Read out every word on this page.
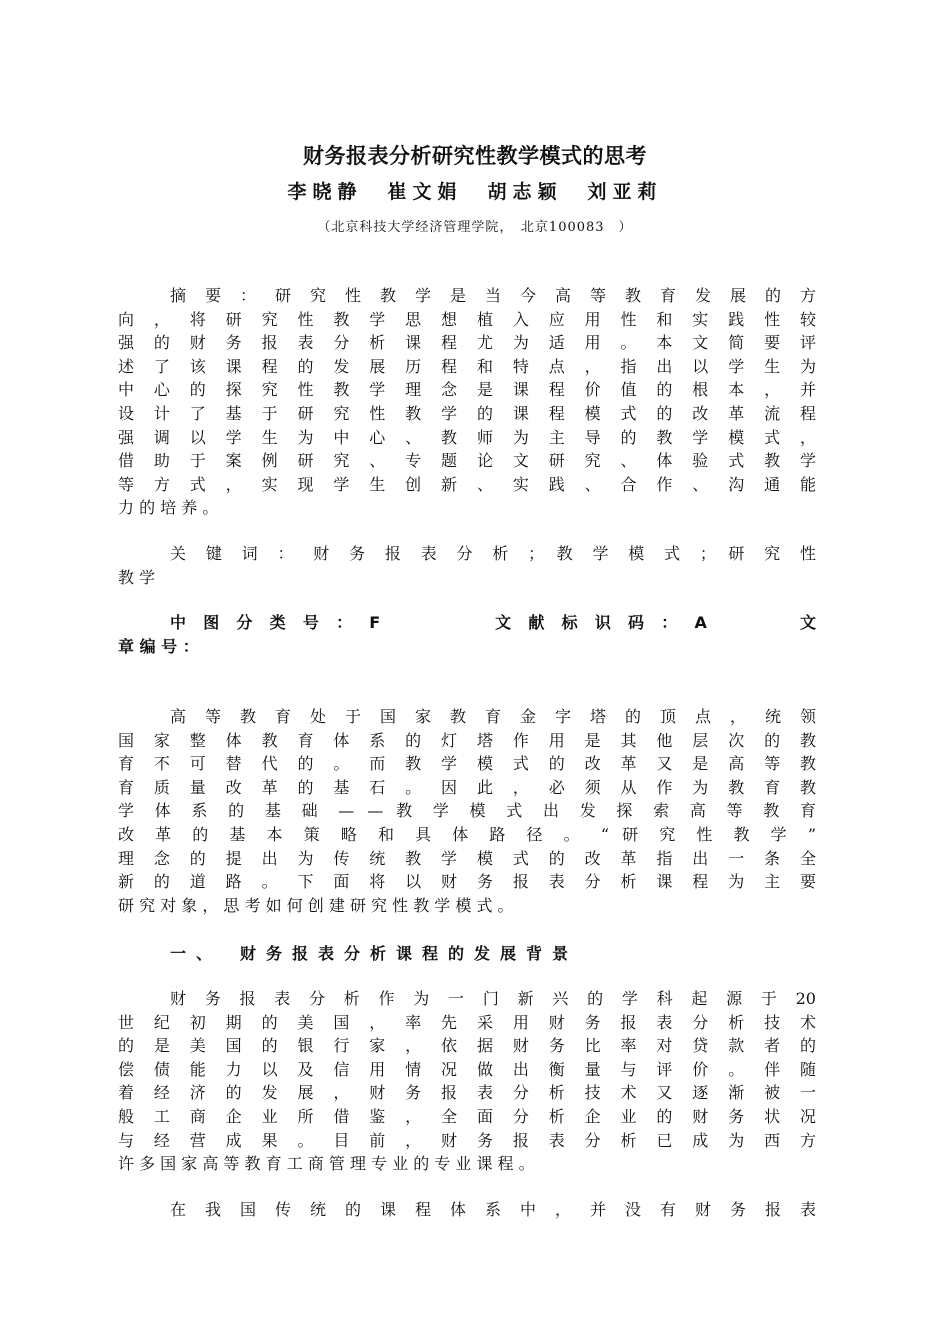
财务报表分析研究性教学模式的思考
李晓静　崔文娟　胡志颖　刘亚莉
（北京科技大学经济管理学院，　北京100083　）
摘 要 ： 研 究 性 教 学 是 当 今 高 等 教 育 发 展 的 方
向 ， 将 研 究 性 教 学 思 想 植 入 应 用 性 和 实 践 性 较
强 的 财 务 报 表 分 析 课 程 尤 为 适 用 。 本 文 简 要 评
述 了 该 课 程 的 发 展 历 程 和 特 点 ， 指 出 以 学 生 为
中 心 的 探 究 性 教 学 理 念 是 课 程 价 值 的 根 本 ， 并
设 计 了 基 于 研 究 性 教 学 的 课 程 模 式 的 改 革 流 程
强 调 以 学 生 为 中 心 、 教 师 为 主 导 的 教 学 模 式 ，
借 助 于 案 例 研 究 、 专 题 论 文 研 究 、 体 验 式 教 学
等 方 式 ， 实 现 学 生 创 新 、 实 践 、 合 作 、 沟 通 能
力 的 培 养 。
关 键 词 ： 财 务 报 表 分 析 ； 教 学 模 式 ； 研 究 性
教 学
中 图 分 类 号 ： F　　　　　文 献 标 识 码 ： A　　　　文
章 编 号 ：
高 等 教 育 处 于 国 家 教 育 金 字 塔 的 顶 点 ， 统 领
国 家 整 体 教 育 体 系 的 灯 塔 作 用 是 其 他 层 次 的 教
育 不 可 替 代 的 。 而 教 学 模 式 的 改 革 又 是 高 等 教
育 质 量 改 革 的 基 石 。 因 此 ， 必 须 从 作 为 教 育 教
学 体 系 的 基 础 — — 教 学 模 式 出 发 探 索 高 等 教 育
改 革 的 基 本 策 略 和 具 体 路 径 。 “ 研 究 性 教 学 ”
理 念 的 提 出 为 传 统 教 学 模 式 的 改 革 指 出 一 条 全
新 的 道 路 。 下 面 将 以 财 务 报 表 分 析 课 程 为 主 要
研 究 对 象 ， 思 考 如 何 创 建 研 究 性 教 学 模 式 。
一、　财务报表分析课程的发展背景
财 务 报 表 分 析 作 为 一 门 新 兴 的 学 科 起 源 于 20
世 纪 初 期 的 美 国 ， 率 先 采 用 财 务 报 表 分 析 技 术
的 是 美 国 的 银 行 家 ， 依 据 财 务 比 率 对 贷 款 者 的
偿 债 能 力 以 及 信 用 情 况 做 出 衡 量 与 评 价 。 伴 随
着 经 济 的 发 展 ， 财 务 报 表 分 析 技 术 又 逐 渐 被 一
般 工 商 企 业 所 借 鉴 ， 全 面 分 析 企 业 的 财 务 状 况
与 经 营 成 果 。 目 前 ， 财 务 报 表 分 析 已 成 为 西 方
许 多 国 家 高 等 教 育 工 商 管 理 专 业 的 专 业 课 程 。
在 我 国 传 统 的 课 程 体 系 中 ， 并 没 有 财 务 报 表
